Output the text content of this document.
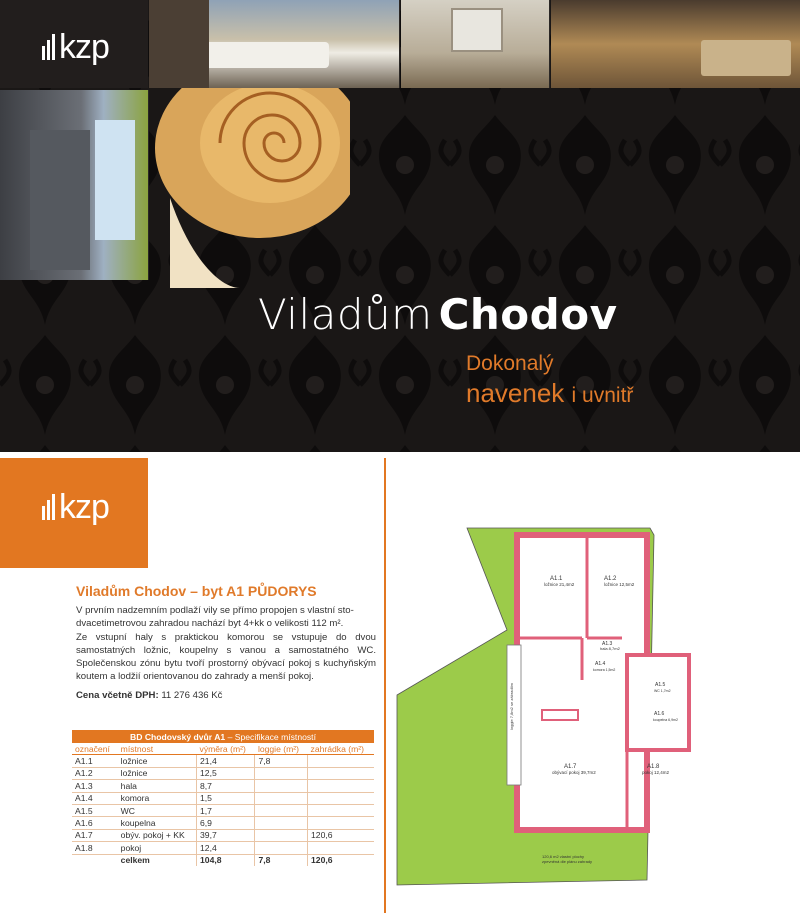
kzp
Viladům Chodov
Dokonalý
navenek i uvnitř
kzp
Viladům Chodov – byt A1 PŮDORYS

V prvním nadzemním podlaží vily se přímo propojen s vlastní sto-

dvacetimetrovou zahradou nachází byt 4+kk o velikosti 112 m².

Ze vstupní haly s praktickou komorou se vstupuje do dvou samostatných ložnic, koupelny s vanou a samostatného WC. Společenskou zónu bytu tvoří prostorný obývací pokoj s kuchyňským koutem a lodžií orientovanou do zahrady a menší pokoj.

Cena včetně DPH: 11 276 436 Kč
BD Chodovský dvůr A1 – Specifikace místností				
označení	místnost	výměra (m²)	loggie (m²)	zahrádka (m²)
A1.1	ložnice	21,4	7,8	
A1.2	ložnice	12,5		
A1.3	hala	8,7		
A1.4	komora	1,5		
A1.5	WC	1,7		
A1.6	koupelna	6,9		
A1.7	obýv. pokoj + KK	39,7		120,6
A1.8	pokoj	12,4		
	celkem	104,8	7,8	120,6
loggie 7,8m2 se zábradlím
A1.1
ložnice 21,4m2
A1.2
ložnice 12,5m2
A1.3
hala 8,7m2
A1.4
komora 1,5m2
A1.5
WC 1,7m2
A1.6
koupelna 6,9m2
A1.7
obývací pokoj 39,7m2
A1.8
pokoj 12,4m2
120,6 m2 vlastní plochy
zpevněná dle plánu zahrady
